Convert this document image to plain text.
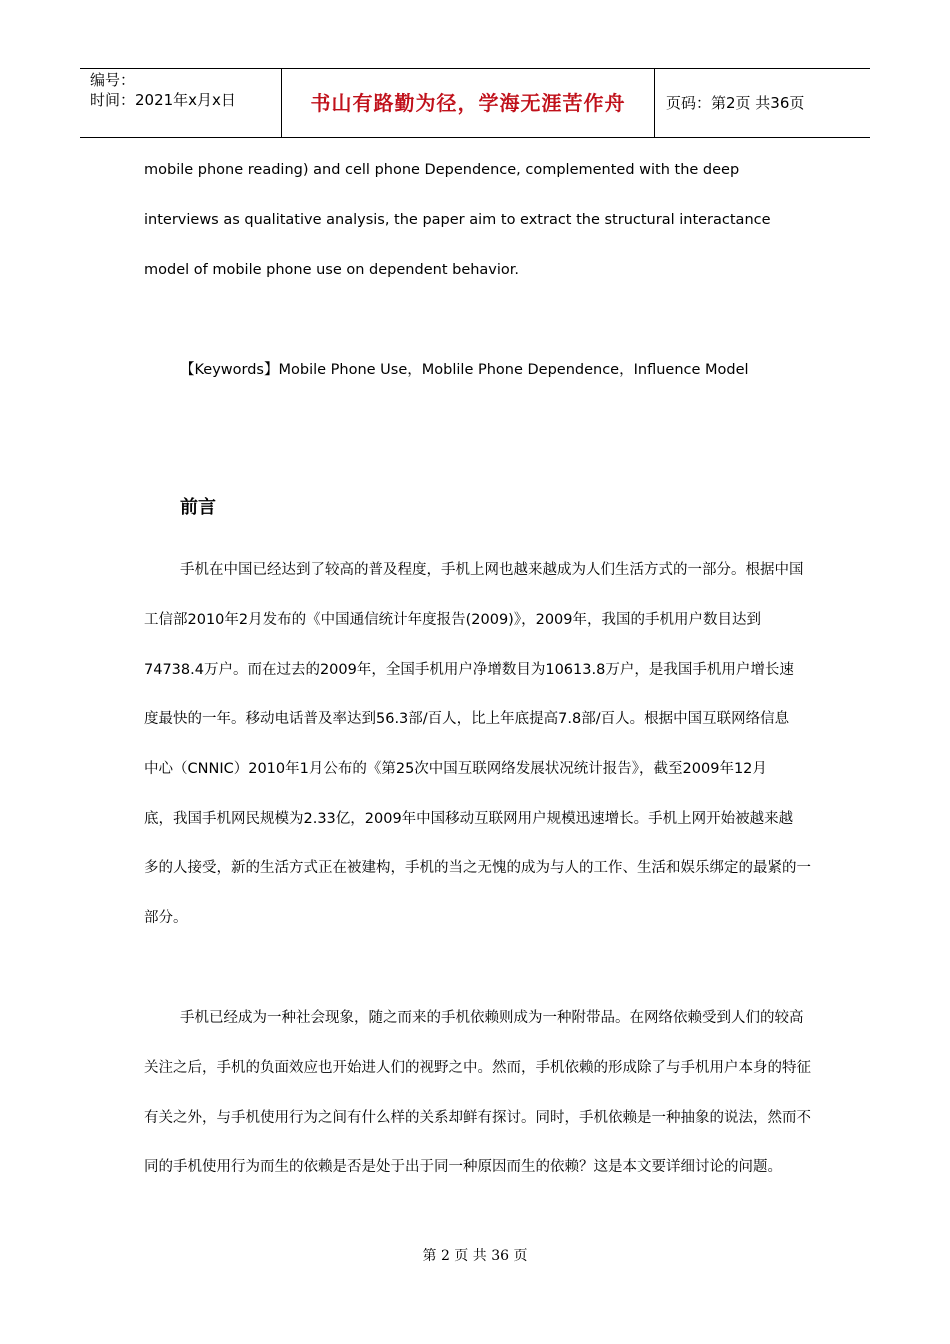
编号：
时间：2021年x月x日	书山有路勤为径，学海无涯苦作舟	页码：第2页 共36页
mobile phone reading) and cell phone Dependence, complemented with the deep
interviews as qualitative analysis, the paper aim to extract the structural interactance
model of mobile phone use on dependent behavior.
【Keywords】Mobile Phone Use，Moblile Phone Dependence，Influence Model
前言
手机在中国已经达到了较高的普及程度，手机上网也越来越成为人们生活方式的一部分。根据中国
工信部2010年2月发布的《中国通信统计年度报告(2009)》，2009年，我国的手机用户数目达到
74738.4万户。而在过去的2009年，全国手机用户净增数目为10613.8万户，是我国手机用户增长速
度最快的一年。移动电话普及率达到56.3部/百人，比上年底提高7.8部/百人。根据中国互联网络信息
中心（CNNIC）2010年1月公布的《第25次中国互联网络发展状况统计报告》，截至2009年12月
底，我国手机网民规模为2.33亿，2009年中国移动互联网用户规模迅速增长。手机上网开始被越来越
多的人接受，新的生活方式正在被建构，手机的当之无愧的成为与人的工作、生活和娱乐绑定的最紧的一
部分。
手机已经成为一种社会现象，随之而来的手机依赖则成为一种附带品。在网络依赖受到人们的较高
关注之后，手机的负面效应也开始进人们的视野之中。然而，手机依赖的形成除了与手机用户本身的特征
有关之外，与手机使用行为之间有什么样的关系却鲜有探讨。同时，手机依赖是一种抽象的说法，然而不
同的手机使用行为而生的依赖是否是处于出于同一种原因而生的依赖？这是本文要详细讨论的问题。
第 2 页 共 36 页
